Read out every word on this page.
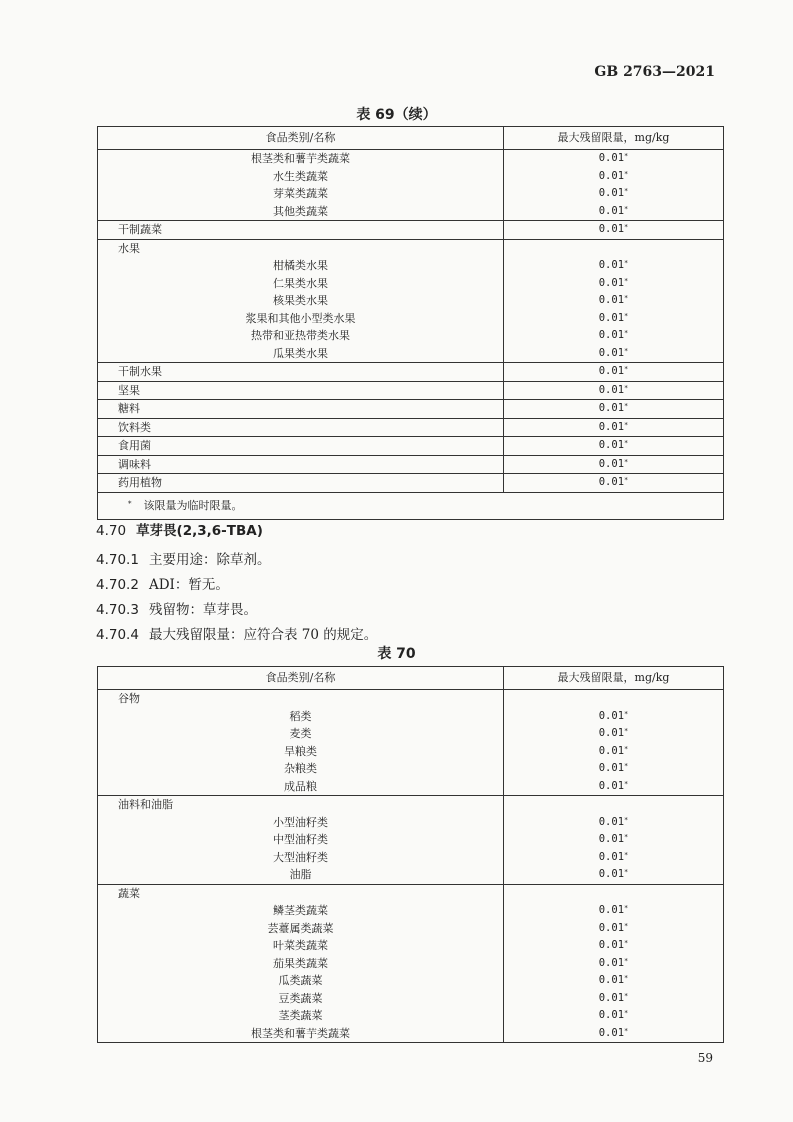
GB 2763—2021
表 69（续）
食品类别/名称	最大残留限量，mg/kg
根茎类和薯芋类蔬菜	0.01*
水生类蔬菜	0.01*
芽菜类蔬菜	0.01*
其他类蔬菜	0.01*
干制蔬菜	0.01*
水果	
柑橘类水果	0.01*
仁果类水果	0.01*
核果类水果	0.01*
浆果和其他小型类水果	0.01*
热带和亚热带类水果	0.01*
瓜果类水果	0.01*
干制水果	0.01*
坚果	0.01*
糖料	0.01*
饮料类	0.01*
食用菌	0.01*
调味料	0.01*
药用植物	0.01*
* 该限量为临时限量。	
4.70 草芽畏(2,3,6-TBA)
4.70.1 主要用途：除草剂。
4.70.2 ADI：暂无。
4.70.3 残留物：草芽畏。
4.70.4 最大残留限量：应符合表 70 的规定。
表 70
食品类别/名称	最大残留限量，mg/kg
谷物	
稻类	0.01*
麦类	0.01*
旱粮类	0.01*
杂粮类	0.01*
成品粮	0.01*
油料和油脂	
小型油籽类	0.01*
中型油籽类	0.01*
大型油籽类	0.01*
油脂	0.01*
蔬菜	
鳞茎类蔬菜	0.01*
芸薹属类蔬菜	0.01*
叶菜类蔬菜	0.01*
茄果类蔬菜	0.01*
瓜类蔬菜	0.01*
豆类蔬菜	0.01*
茎类蔬菜	0.01*
根茎类和薯芋类蔬菜	0.01*
59
